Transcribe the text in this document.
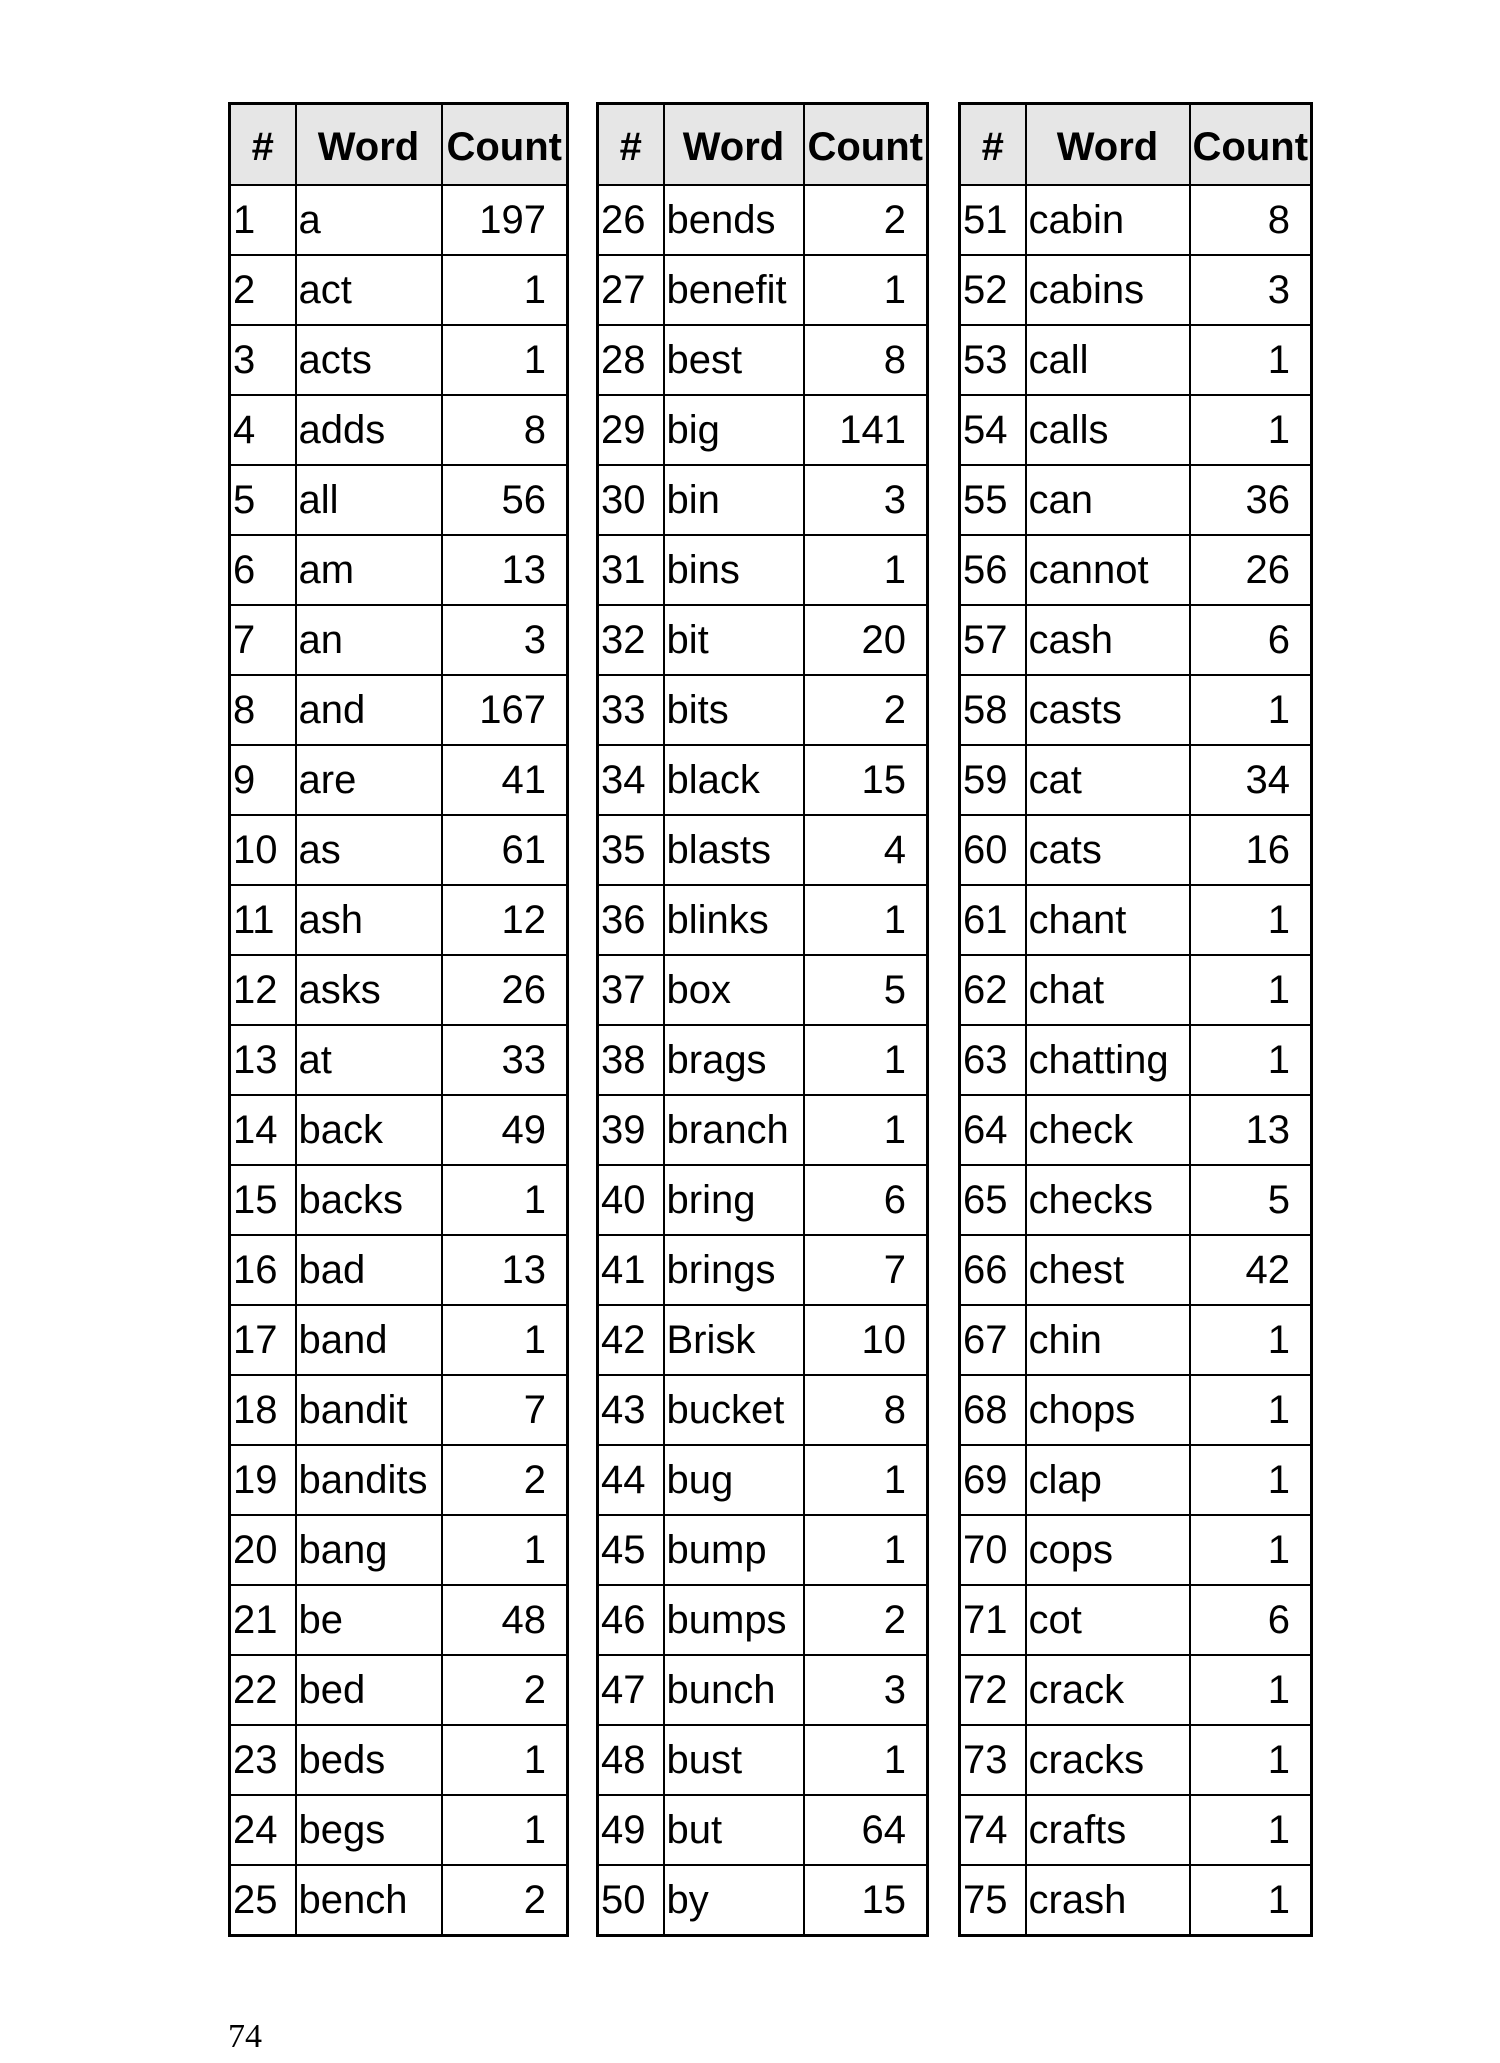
#	Word	Count
1	a	197
2	act	1
3	acts	1
4	adds	8
5	all	56
6	am	13
7	an	3
8	and	167
9	are	41
10	as	61
11	ash	12
12	asks	26
13	at	33
14	back	49
15	backs	1
16	bad	13
17	band	1
18	bandit	7
19	bandits	2
20	bang	1
21	be	48
22	bed	2
23	beds	1
24	begs	1
25	bench	2
#	Word	Count
26	bends	2
27	benefit	1
28	best	8
29	big	141
30	bin	3
31	bins	1
32	bit	20
33	bits	2
34	black	15
35	blasts	4
36	blinks	1
37	box	5
38	brags	1
39	branch	1
40	bring	6
41	brings	7
42	Brisk	10
43	bucket	8
44	bug	1
45	bump	1
46	bumps	2
47	bunch	3
48	bust	1
49	but	64
50	by	15
#	Word	Count
51	cabin	8
52	cabins	3
53	call	1
54	calls	1
55	can	36
56	cannot	26
57	cash	6
58	casts	1
59	cat	34
60	cats	16
61	chant	1
62	chat	1
63	chatting	1
64	check	13
65	checks	5
66	chest	42
67	chin	1
68	chops	1
69	clap	1
70	cops	1
71	cot	6
72	crack	1
73	cracks	1
74	crafts	1
75	crash	1
74
